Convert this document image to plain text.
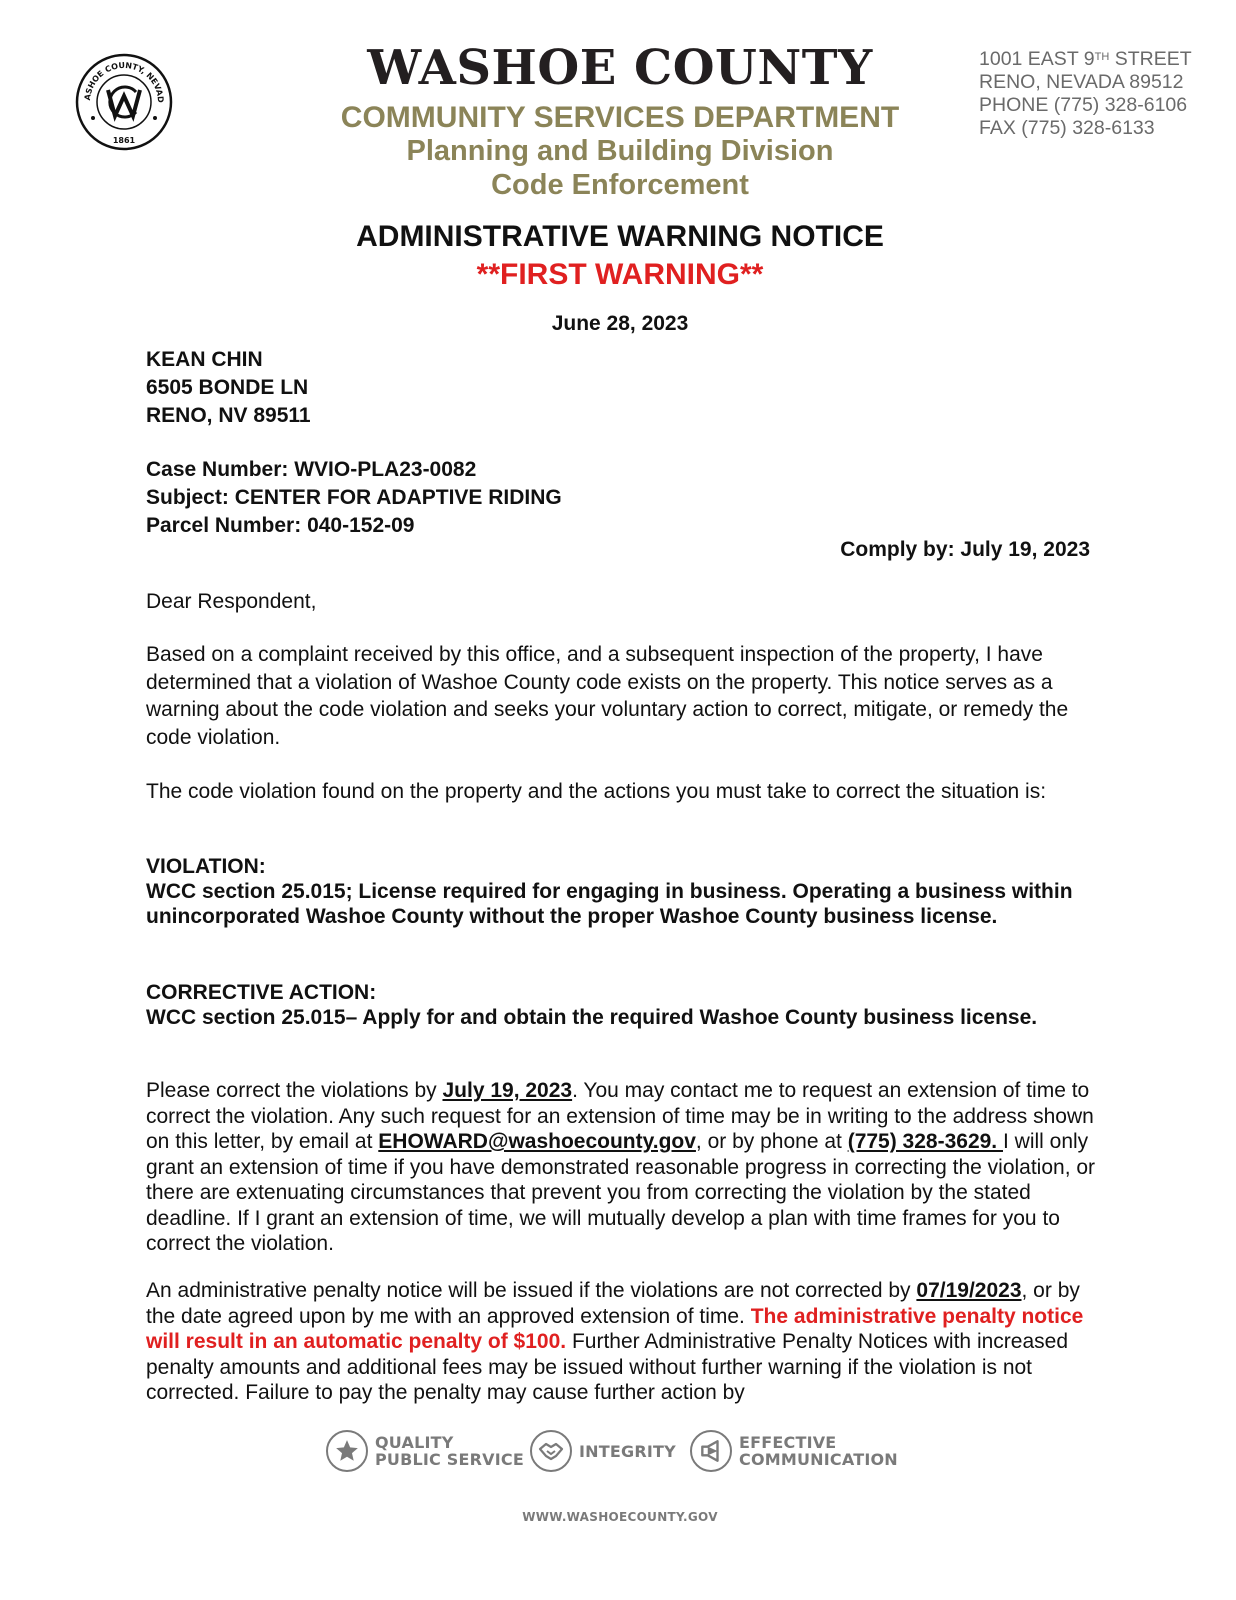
ASHOE COUNTY, NEVAD
1861
WASHOE COUNTY
COMMUNITY SERVICES DEPARTMENT
Planning and Building Division
Code Enforcement
1001 EAST 9TH STREET
RENO, NEVADA 89512
PHONE (775) 328-6106
FAX (775) 328-6133
ADMINISTRATIVE WARNING NOTICE
**FIRST WARNING**
June 28, 2023
KEAN CHIN
6505 BONDE LN
RENO, NV 89511
Case Number: WVIO-PLA23-0082
Subject: CENTER FOR ADAPTIVE RIDING
Parcel Number: 040-152-09
Comply by: July 19, 2023
Dear Respondent,
Based on a complaint received by this office, and a subsequent inspection of the property, I have determined that a violation of Washoe County code exists on the property. This notice serves as a warning about the code violation and seeks your voluntary action to correct, mitigate, or remedy the code violation.
The code violation found on the property and the actions you must take to correct the situation is:
VIOLATION:
WCC section 25.015; License required for engaging in business. Operating a business within unincorporated Washoe County without the proper Washoe County business license.
CORRECTIVE ACTION:
WCC section 25.015– Apply for and obtain the required Washoe County business license.
Please correct the violations by July 19, 2023. You may contact me to request an extension of time to correct the violation. Any such request for an extension of time may be in writing to the address shown on this letter, by email at EHOWARD@washoecounty.gov, or by phone at (775) 328-3629. I will only grant an extension of time if you have demonstrated reasonable progress in correcting the violation, or there are extenuating circumstances that prevent you from correcting the violation by the stated deadline. If I grant an extension of time, we will mutually develop a plan with time frames for you to correct the violation.
An administrative penalty notice will be issued if the violations are not corrected by 07/19/2023, or by the date agreed upon by me with an approved extension of time. The administrative penalty notice will result in an automatic penalty of $100. Further Administrative Penalty Notices with increased penalty amounts and additional fees may be issued without further warning if the violation is not corrected. Failure to pay the penalty may cause further action by
QUALITY
PUBLIC SERVICE	INTEGRITY	EFFECTIVE
COMMUNICATION
WWW.WASHOECOUNTY.GOV
